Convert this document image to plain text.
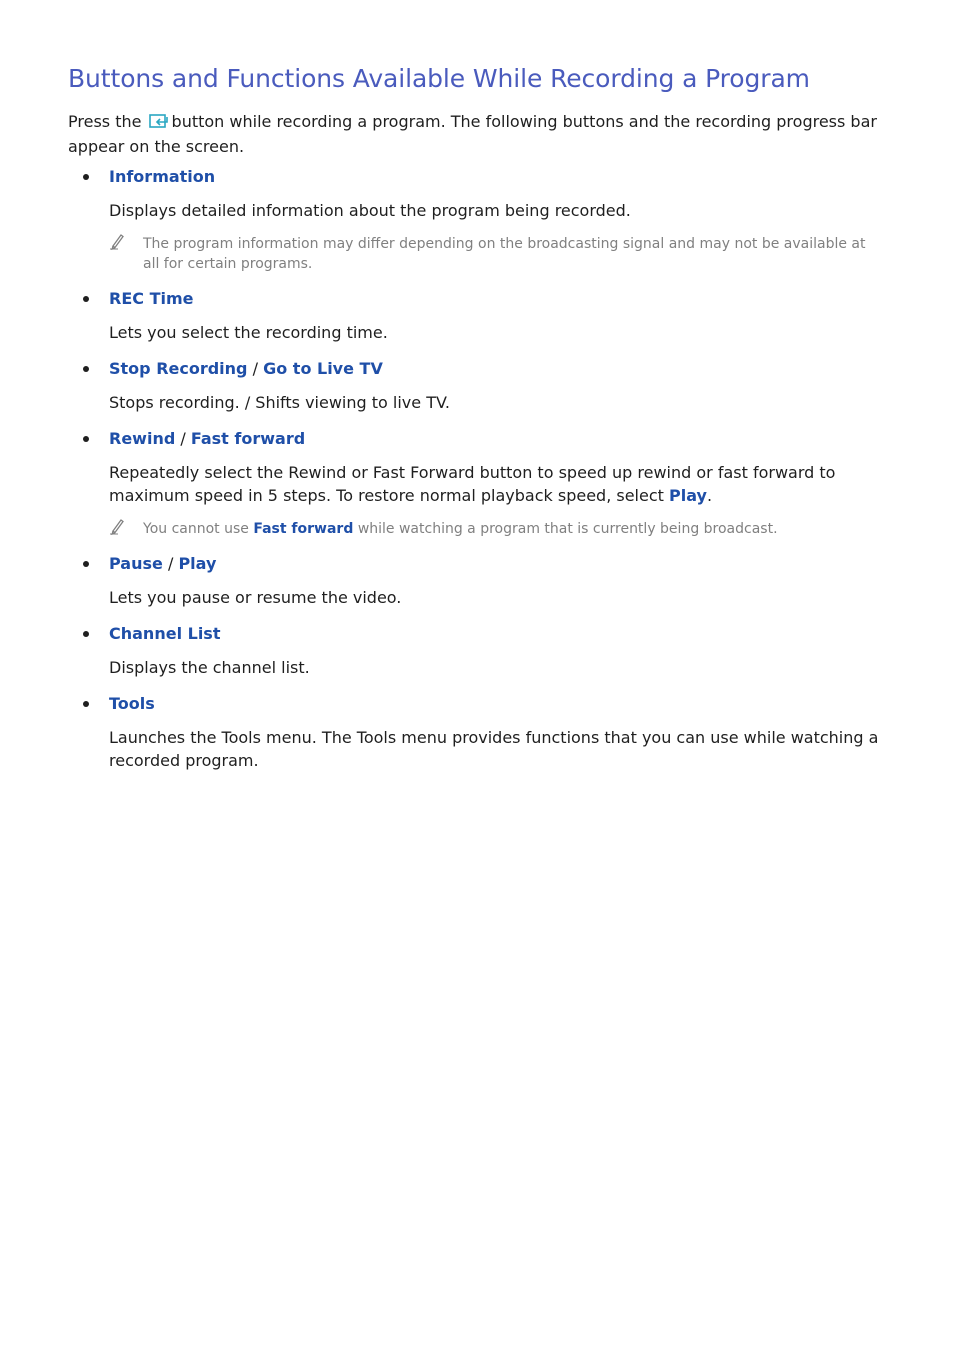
Buttons and Functions Available While Recording a Program

Press the button while recording a program. The following buttons and the recording progress bar appear on the screen.

Information
Displays detailed information about the program being recorded.
The program information may differ depending on the broadcasting signal and may not be available at all for certain programs.
REC Time
Lets you select the recording time.
Stop Recording / Go to Live TV
Stops recording. / Shifts viewing to live TV.
Rewind / Fast forward
Repeatedly select the Rewind or Fast Forward button to speed up rewind or fast forward to maximum speed in 5 steps. To restore normal playback speed, select Play.
You cannot use Fast forward while watching a program that is currently being broadcast.
Pause / Play
Lets you pause or resume the video.
Channel List
Displays the channel list.
Tools
Launches the Tools menu. The Tools menu provides functions that you can use while watching a recorded program.
